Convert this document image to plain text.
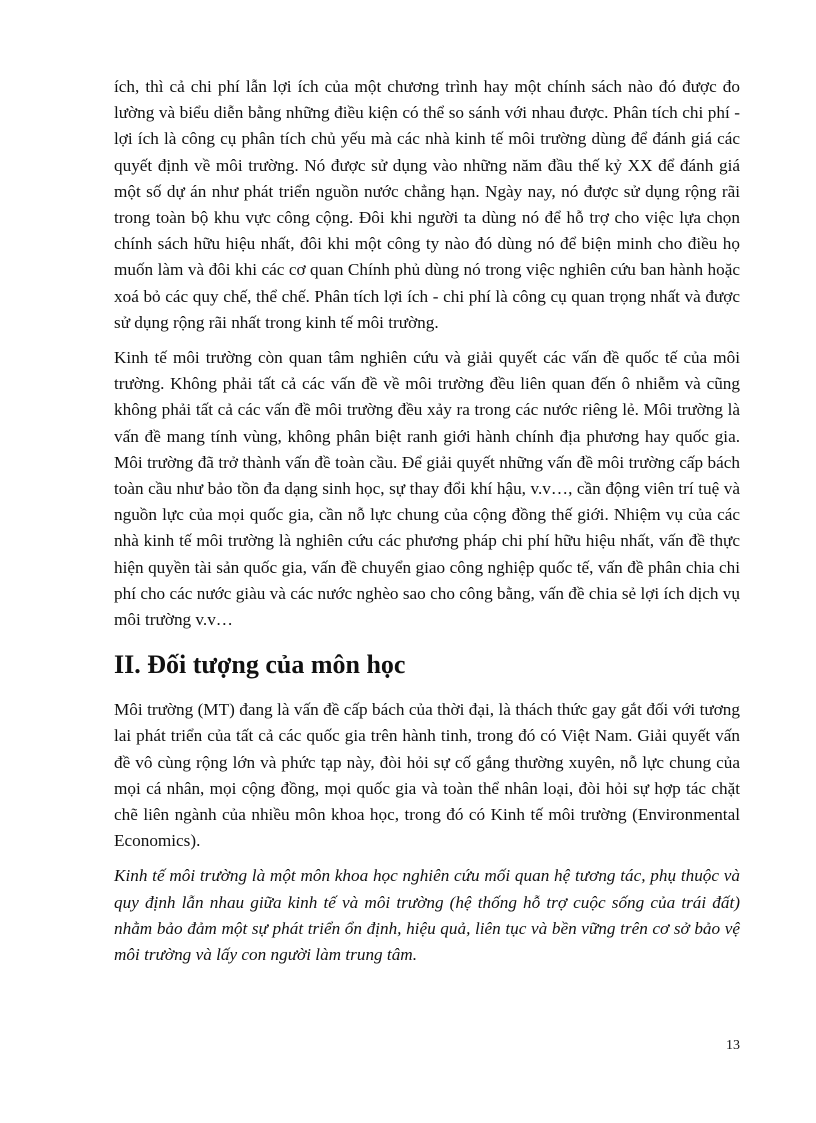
ích, thì cả chi phí lẫn lợi ích của một chương trình hay một chính sách nào đó được đo lường và biểu diễn bằng những điều kiện có thể so sánh với nhau được. Phân tích chi phí - lợi ích là công cụ phân tích chủ yếu mà các nhà kinh tế môi trường dùng để đánh giá các quyết định về môi trường. Nó được sử dụng vào những năm đầu thế kỷ XX để đánh giá một số dự án như phát triển nguồn nước chẳng hạn. Ngày nay, nó được sử dụng rộng rãi trong toàn bộ khu vực công cộng. Đôi khi người ta dùng nó để hỗ trợ cho việc lựa chọn chính sách hữu hiệu nhất, đôi khi một công ty nào đó dùng nó để biện minh cho điều họ muốn làm và đôi khi các cơ quan Chính phủ dùng nó trong việc nghiên cứu ban hành hoặc xoá bỏ các quy chế, thể chế. Phân tích lợi ích - chi phí là công cụ quan trọng nhất và được sử dụng rộng rãi nhất trong kinh tế môi trường.

Kinh tế môi trường còn quan tâm nghiên cứu và giải quyết các vấn đề quốc tế của môi trường. Không phải tất cả các vấn đề về môi trường đều liên quan đến ô nhiễm và cũng không phải tất cả các vấn đề môi trường đều xảy ra trong các nước riêng lẻ. Môi trường là vấn đề mang tính vùng, không phân biệt ranh giới hành chính địa phương hay quốc gia. Môi trường đã trở thành vấn đề toàn cầu. Để giải quyết những vấn đề môi trường cấp bách toàn cầu như bảo tồn đa dạng sinh học, sự thay đổi khí hậu, v.v…, cần động viên trí tuệ và nguồn lực của mọi quốc gia, cần nỗ lực chung của cộng đồng thế giới. Nhiệm vụ của các nhà kinh tế môi trường là nghiên cứu các phương pháp chi phí hữu hiệu nhất, vấn đề thực hiện quyền tài sản quốc gia, vấn đề chuyển giao công nghiệp quốc tế, vấn đề phân chia chi phí cho các nước giàu và các nước nghèo sao cho công bằng, vấn đề chia sẻ lợi ích dịch vụ môi trường v.v…

II. Đối tượng của môn học

Môi trường (MT) đang là vấn đề cấp bách của thời đại, là thách thức gay gắt đối với tương lai phát triển của tất cả các quốc gia trên hành tinh, trong đó có Việt Nam. Giải quyết vấn đề vô cùng rộng lớn và phức tạp này, đòi hỏi sự cố gắng thường xuyên, nỗ lực chung của mọi cá nhân, mọi cộng đồng, mọi quốc gia và toàn thể nhân loại, đòi hỏi sự hợp tác chặt chẽ liên ngành của nhiều môn khoa học, trong đó có Kinh tế môi trường (Environmental Economics).

Kinh tế môi trường là một môn khoa học nghiên cứu mối quan hệ tương tác, phụ thuộc và quy định lẫn nhau giữa kinh tế và môi trường (hệ thống hỗ trợ cuộc sống của trái đất) nhằm bảo đảm một sự phát triển ổn định, hiệu quả, liên tục và bền vững trên cơ sở bảo vệ môi trường và lấy con người làm trung tâm.

13
